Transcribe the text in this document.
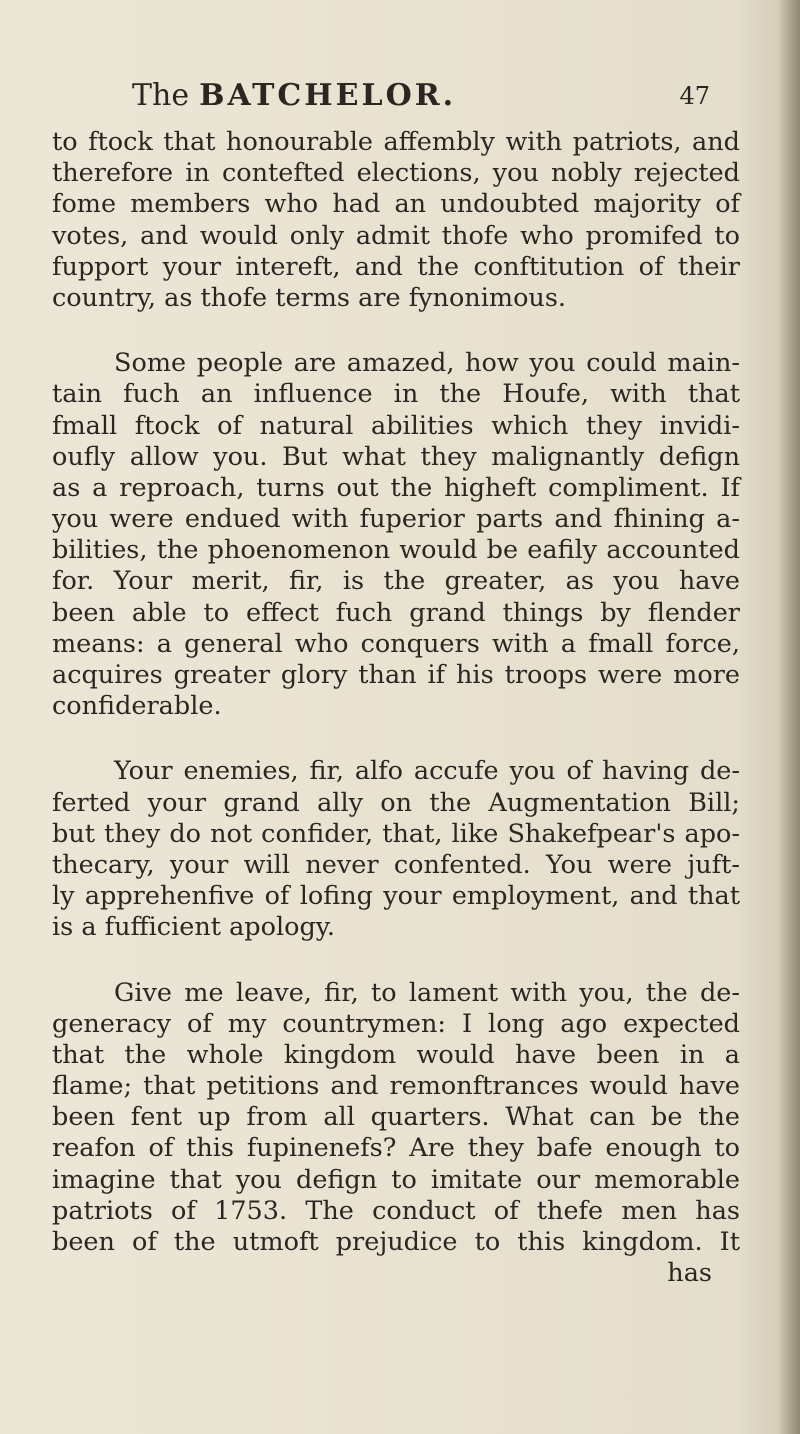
The BATCHELOR.	47
to ftock that honourable affembly with patriots, and
therefore in contefted elections, you nobly rejected
fome members who had an undoubted majority of
votes, and would only admit thofe who promifed to
fupport your intereft, and the conftitution of their
country, as thofe terms are fynonimous.
Some people are amazed, how you could main-
tain fuch an influence in the Houfe, with that
fmall ftock of natural abilities which they invidi-
oufly allow you. But what they malignantly defign
as a reproach, turns out the higheft compliment. If
you were endued with fuperior parts and fhining a-
bilities, the phoenomenon would be eafily accounted
for. Your merit, fir, is the greater, as you have
been able to effect fuch grand things by flender
means: a general who conquers with a fmall force,
acquires greater glory than if his troops were more
confiderable.
Your enemies, fir, alfo accufe you of having de-
ferted your grand ally on the Augmentation Bill;
but they do not confider, that, like Shakefpear's apo-
thecary, your will never confented. You were juft-
ly apprehenfive of lofing your employment, and that
is a fufficient apology.
Give me leave, fir, to lament with you, the de-
generacy of my countrymen: I long ago expected
that the whole kingdom would have been in a
flame; that petitions and remonftrances would have
been fent up from all quarters. What can be the
reafon of this fupinenefs? Are they bafe enough to
imagine that you defign to imitate our memorable
patriots of 1753. The conduct of thefe men has
been of the utmoft prejudice to this kingdom. It
has
